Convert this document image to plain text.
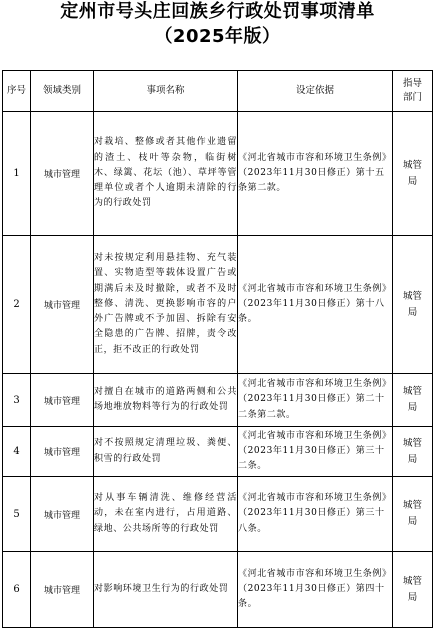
定州市号头庄回族乡行政处罚事项清单
（2025年版）
序号	领域类别	事项名称	设定依据	指导部门
1	城市管理	对栽培、整修或者其他作业遗留的渣土、枝叶等杂物，临街树木、绿篱、花坛（池）、草坪等管理单位或者个人逾期未清除的行为的行政处罚	《河北省城市市容和环境卫生条例》（2023年11月30日修正）第十五条第二款。	城管局
2	城市管理	对未按规定利用悬挂物、充气装置、实物造型等载体设置广告或期满后未及时撤除，或者不及时整修、清洗、更换影响市容的户外广告牌或不予加固、拆除有安全隐患的广告牌、招牌，责令改正，拒不改正的行政处罚	《河北省城市市容和环境卫生条例》（2023年11月30日修正）第十八条。	城管局
3	城市管理	对擅自在城市的道路两侧和公共场地堆放物料等行为的行政处罚	《河北省城市市容和环境卫生条例》（2023年11月30日修正）第二十二条第二款。	城管局
4	城市管理	对不按照规定清理垃圾、粪便、积雪的行政处罚	《河北省城市市容和环境卫生条例》（2023年11月30日修正）第三十二条。	城管局
5	城市管理	对从事车辆清洗、维修经营活动，未在室内进行，占用道路、绿地、公共场所等的行政处罚	《河北省城市市容和环境卫生条例》（2023年11月30日修正）第三十八条。	城管局
6	城市管理	对影响环境卫生行为的行政处罚	《河北省城市市容和环境卫生条例》（2023年11月30日修正）第四十条。	城管局
